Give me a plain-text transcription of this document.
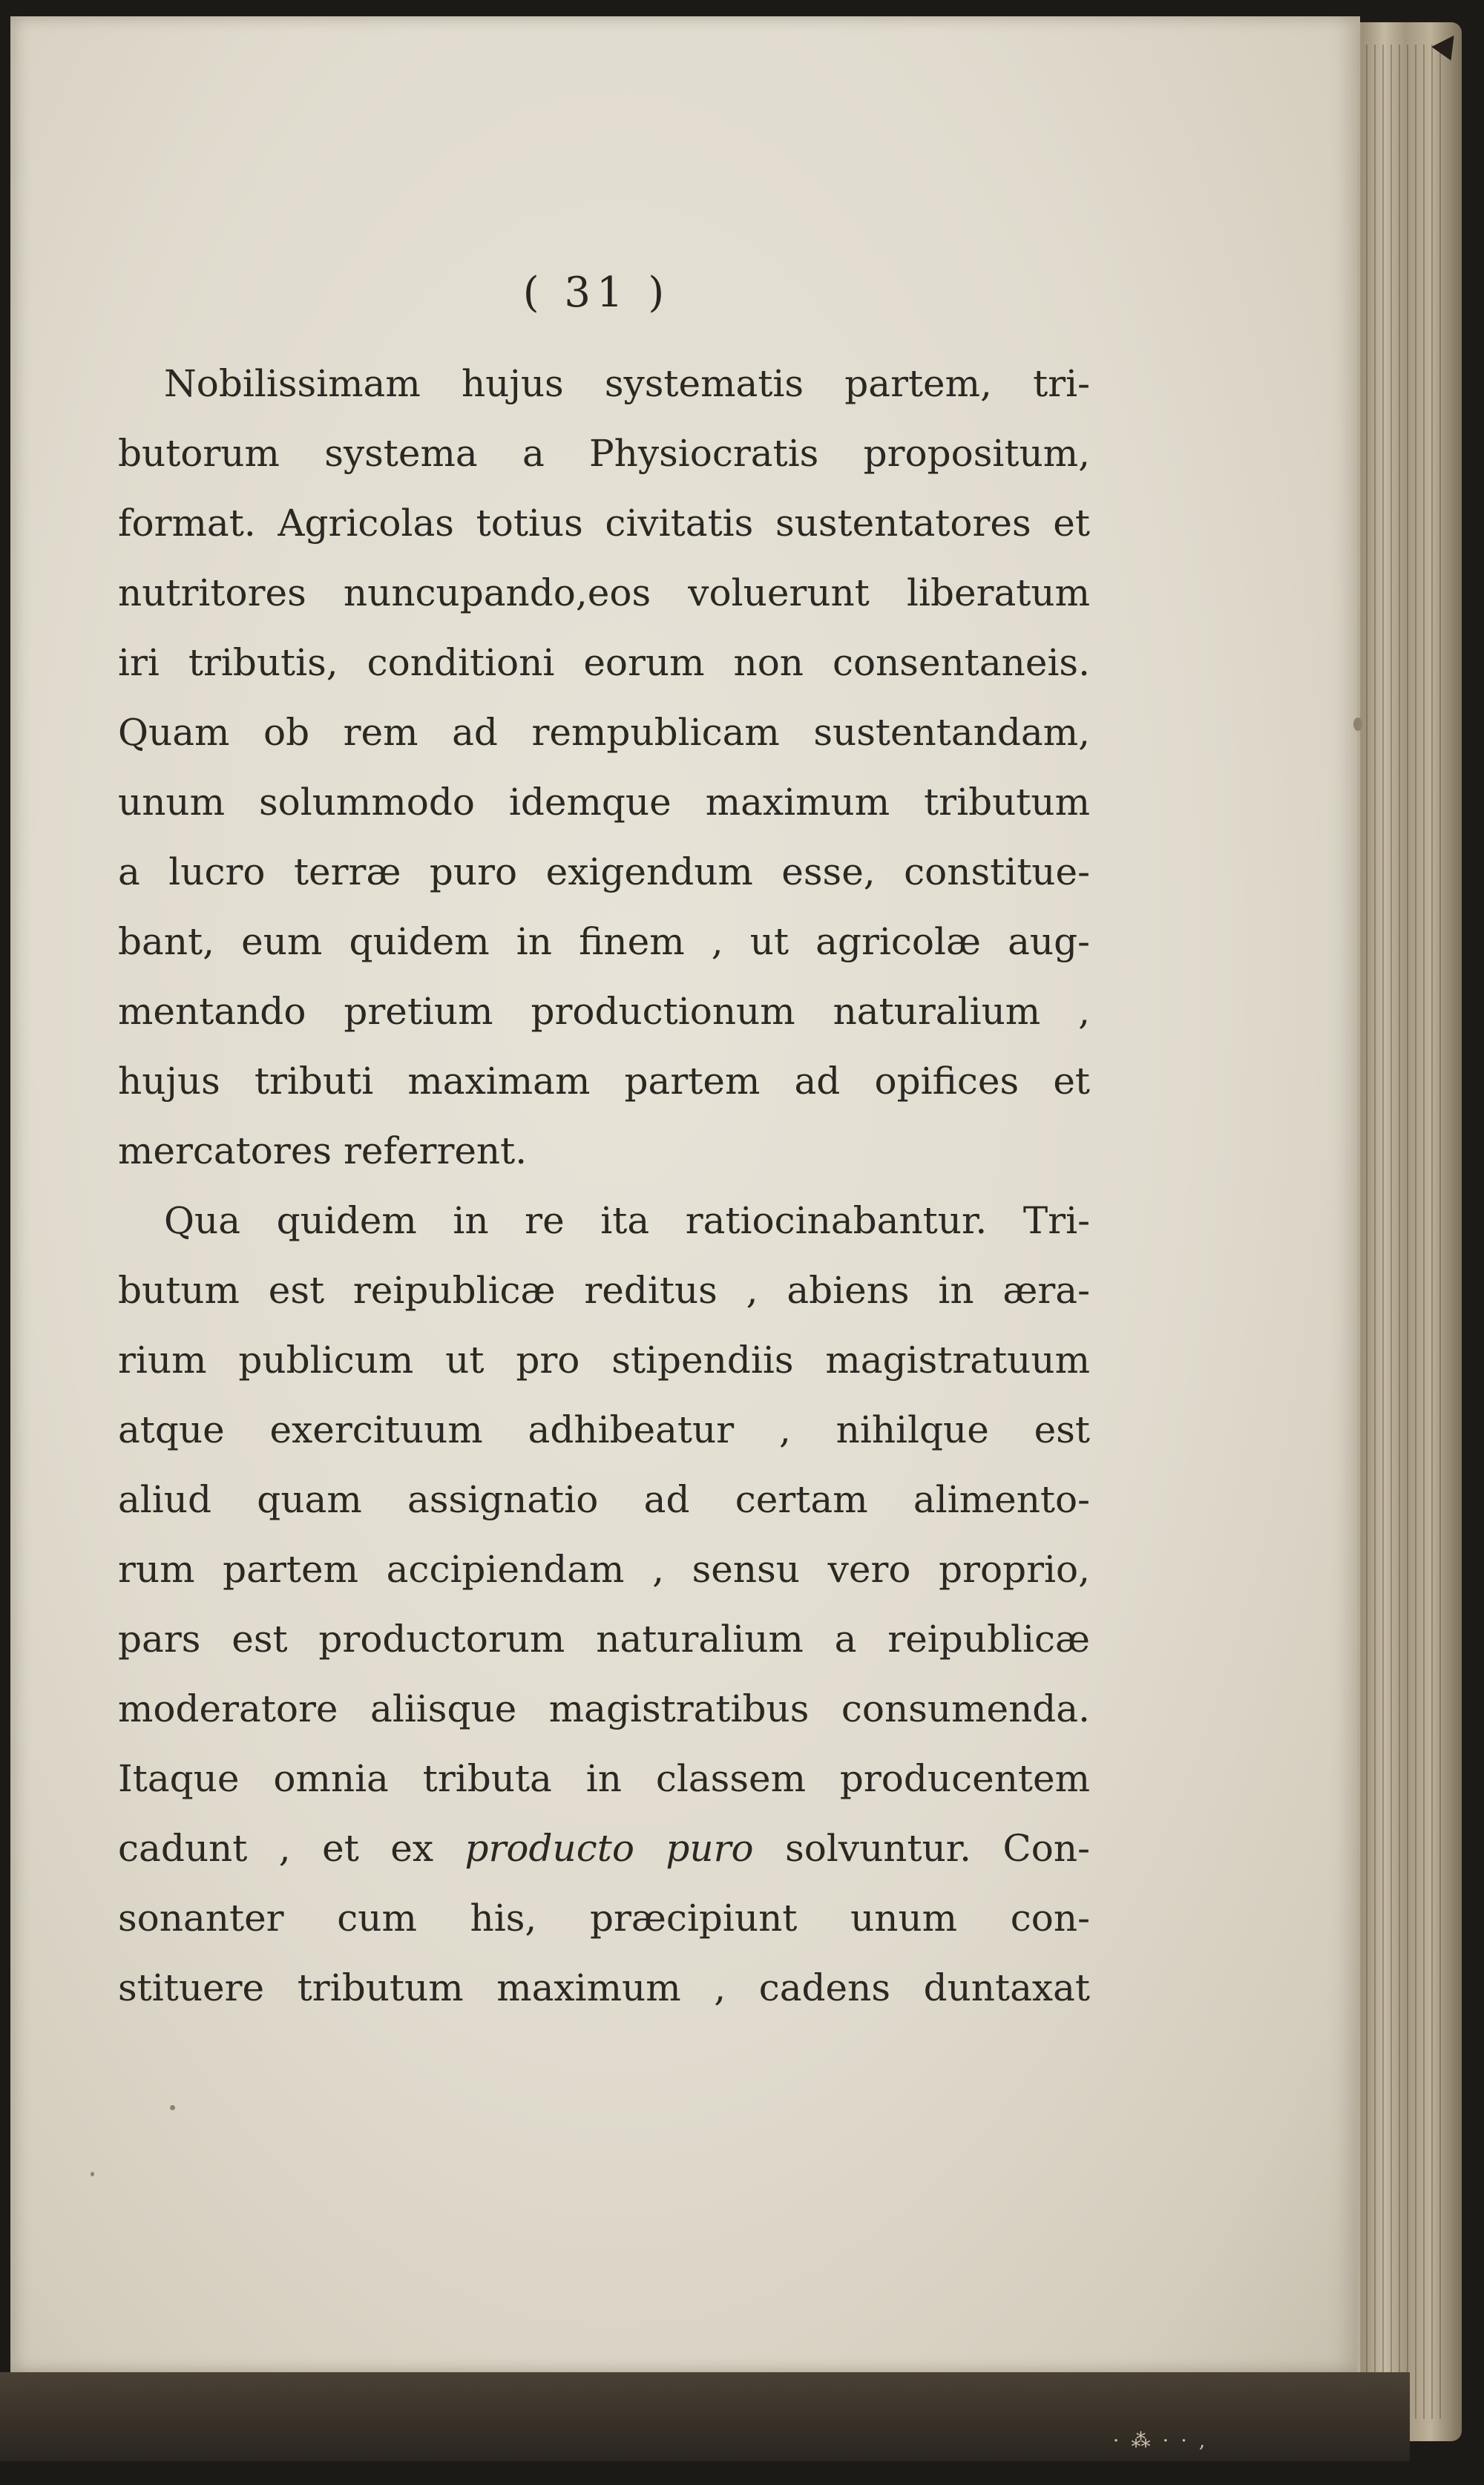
· ⁂ · · ,
( 31 )
Nobilissimam hujus systematis partem, tri-
butorum systema a Physiocratis propositum,
format. Agricolas totius civitatis sustentatores et
nutritores nuncupando,eos voluerunt liberatum
iri tributis, conditioni eorum non consentaneis.
Quam ob rem ad rempublicam sustentandam,
unum solummodo idemque maximum tributum
a lucro terræ puro exigendum esse, constitue-
bant, eum quidem in finem , ut agricolæ aug-
mentando pretium productionum naturalium ,
hujus tributi maximam partem ad opifices et
mercatores referrent.
Qua quidem in re ita ratiocinabantur. Tri-
butum est reipublicæ reditus , abiens in æra-
rium publicum ut pro stipendiis magistratuum
atque exercituum adhibeatur , nihilque est
aliud quam assignatio ad certam alimento-
rum partem accipiendam , sensu vero proprio,
pars est productorum naturalium a reipublicæ
moderatore aliisque magistratibus consumenda.
Itaque omnia tributa in classem producentem
cadunt , et ex producto puro solvuntur. Con-
sonanter cum his, præcipiunt unum con-
stituere tributum maximum , cadens duntaxat
